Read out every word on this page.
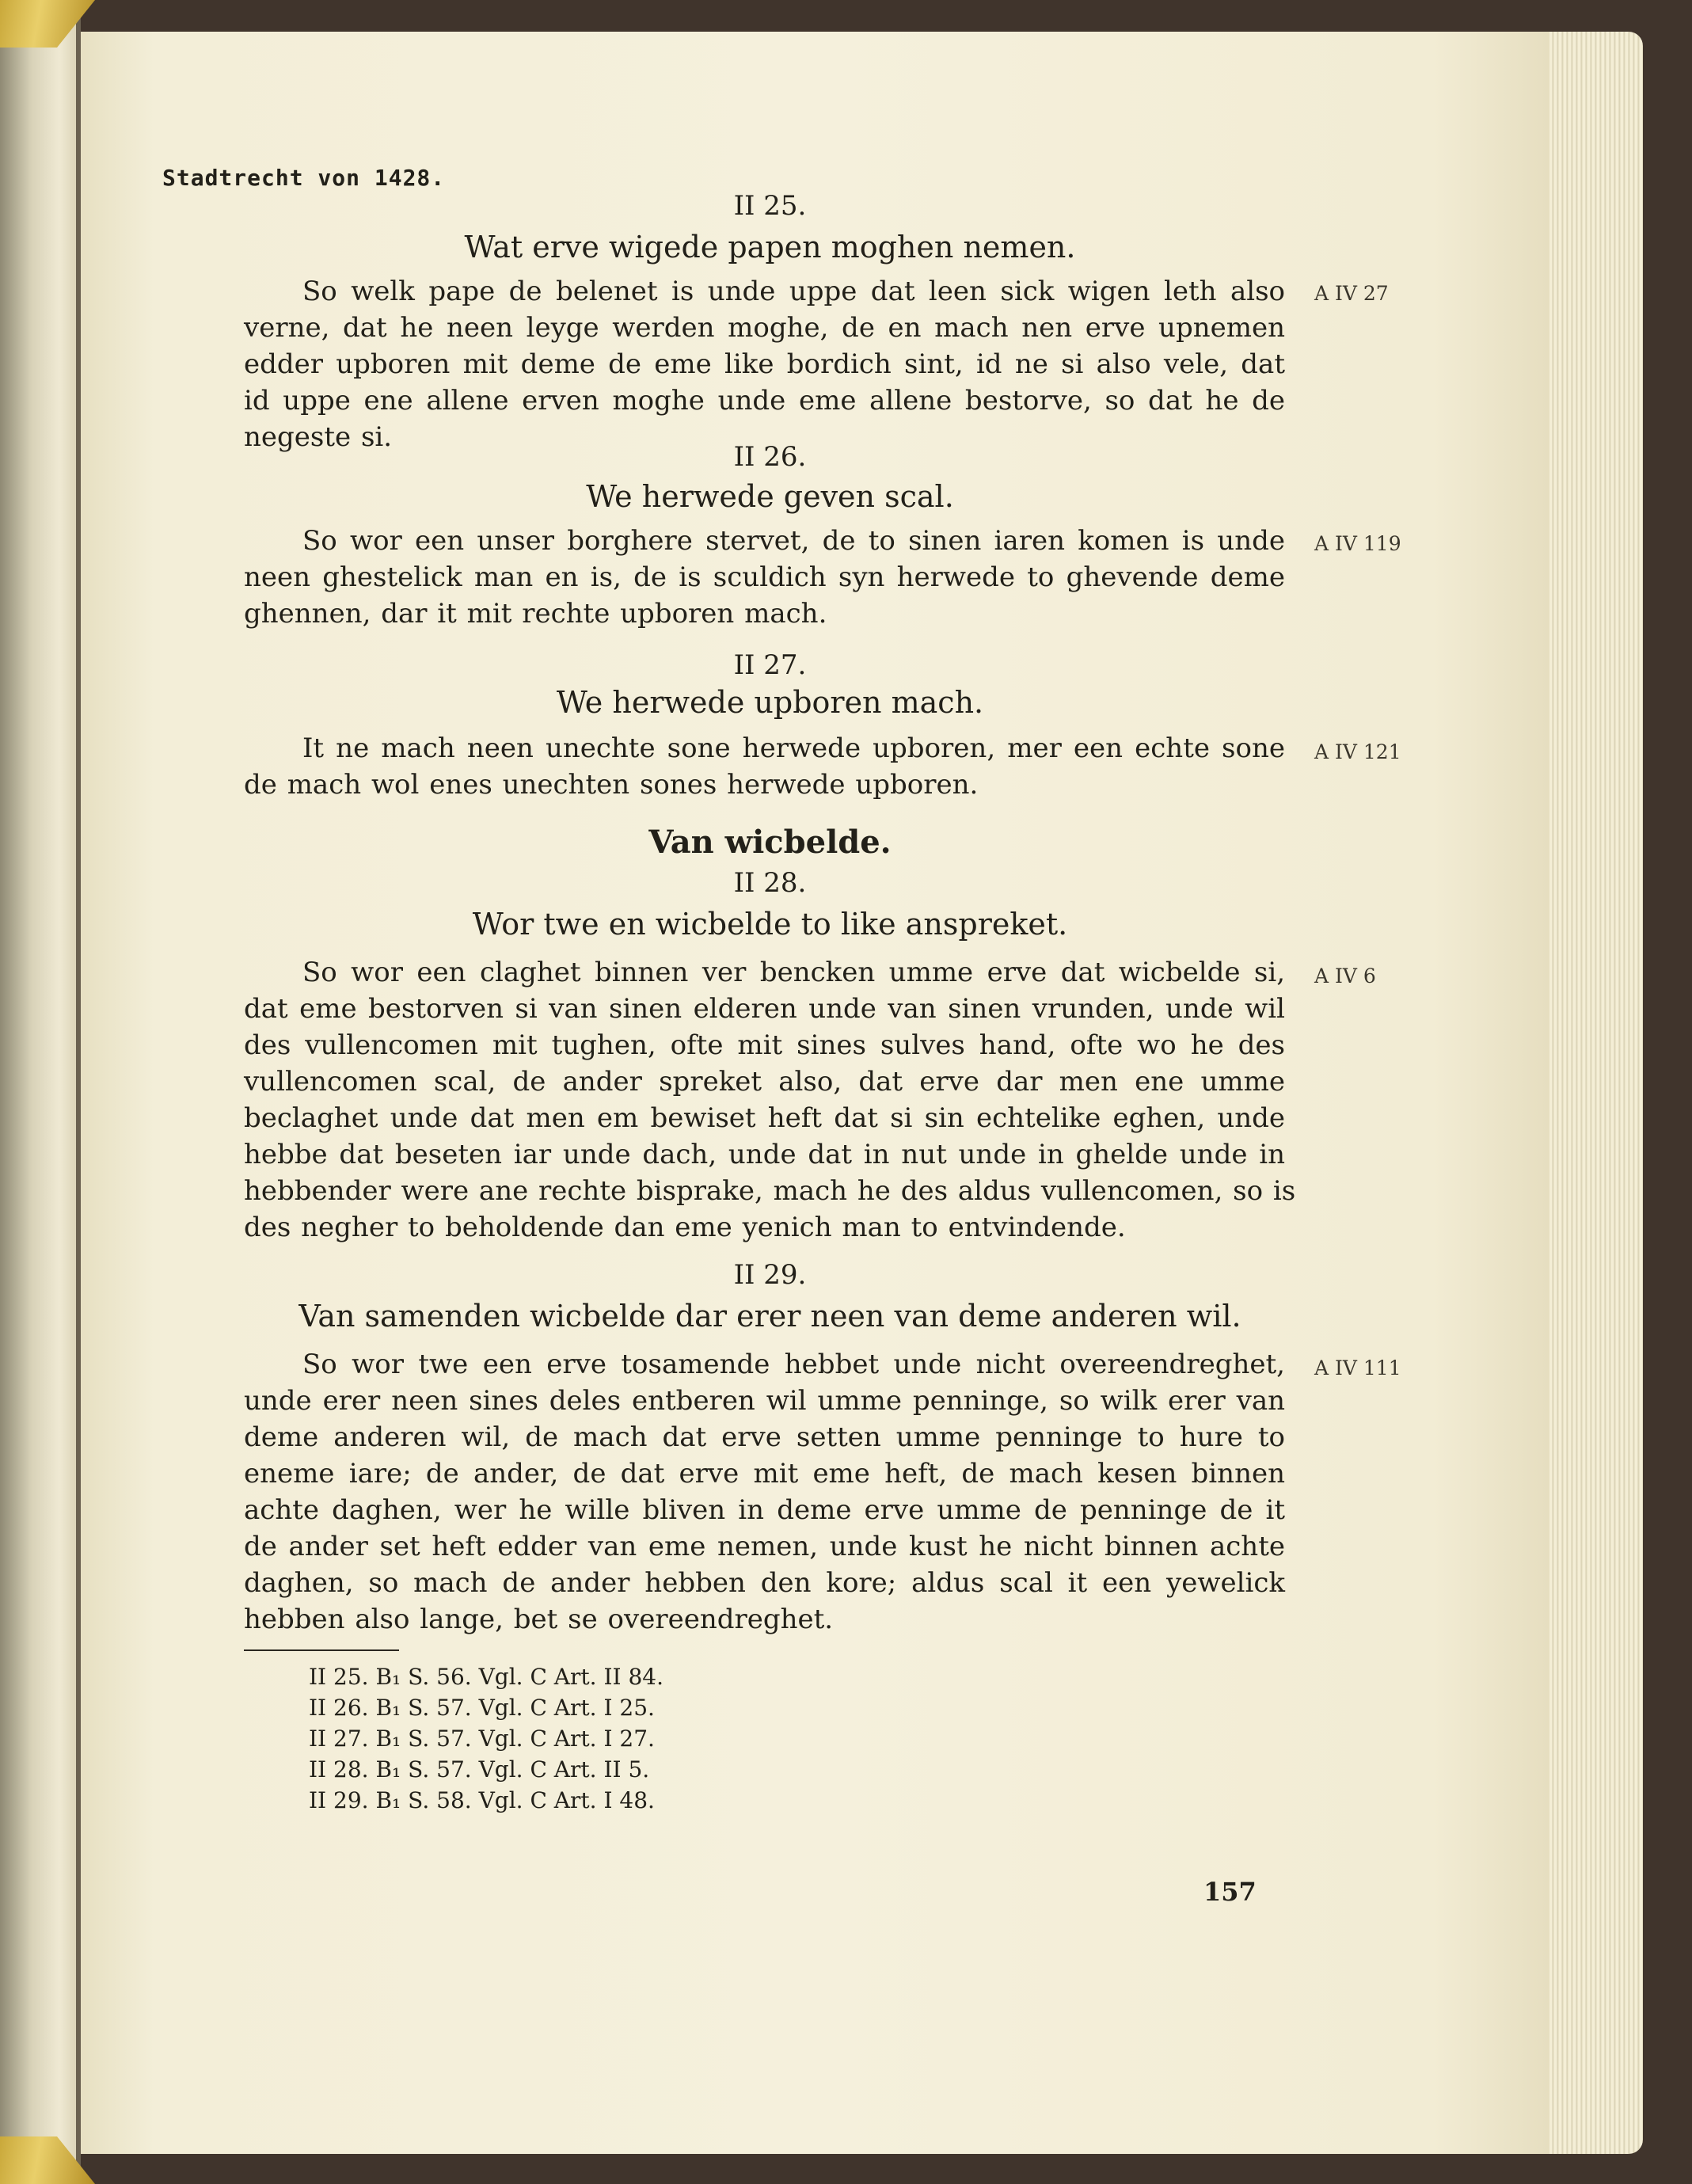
Stadtrecht von 1428.
II 25.
Wat erve wigede papen moghen nemen.
A IV 27
So welk pape de belenet is unde uppe dat leen sick wigen leth also
verne, dat he neen leyge werden moghe, de en mach nen erve upnemen
edder upboren mit deme de eme like bordich sint, id ne si also vele, dat
id uppe ene allene erven moghe unde eme allene bestorve, so dat he de
negeste si.
II 26.
We herwede geven scal.
A IV 119
So wor een unser borghere stervet, de to sinen iaren komen is unde
neen ghestelick man en is, de is sculdich syn herwede to ghevende deme
ghennen, dar it mit rechte upboren mach.
II 27.
We herwede upboren mach.
A IV 121
It ne mach neen unechte sone herwede upboren, mer een echte sone
de mach wol enes unechten sones herwede upboren.
Van wicbelde.
II 28.
Wor twe en wicbelde to like anspreket.
A IV 6
So wor een claghet binnen ver bencken umme erve dat wicbelde si,
dat eme bestorven si van sinen elderen unde van sinen vrunden, unde wil
des vullencomen mit tughen, ofte mit sines sulves hand, ofte wo he des
vullencomen scal, de ander spreket also, dat erve dar men ene umme
beclaghet unde dat men em bewiset heft dat si sin echtelike eghen, unde
hebbe dat beseten iar unde dach, unde dat in nut unde in ghelde unde in
hebbender were ane rechte bisprake, mach he des aldus vullencomen, so is
des negher to beholdende dan eme yenich man to entvindende.
II 29.
Van samenden wicbelde dar erer neen van deme anderen wil.
A IV 111
So wor twe een erve tosamende hebbet unde nicht overeendreghet,
unde erer neen sines deles entberen wil umme penninge, so wilk erer van
deme anderen wil, de mach dat erve setten umme penninge to hure to
eneme iare; de ander, de dat erve mit eme heft, de mach kesen binnen
achte daghen, wer he wille bliven in deme erve umme de penninge de it
de ander set heft edder van eme nemen, unde kust he nicht binnen achte
daghen, so mach de ander hebben den kore; aldus scal it een yewelick
hebben also lange, bet se overeendreghet.
II 25. B₁ S. 56. Vgl. C Art. II 84.
II 26. B₁ S. 57. Vgl. C Art. I 25.
II 27. B₁ S. 57. Vgl. C Art. I 27.
II 28. B₁ S. 57. Vgl. C Art. II 5.
II 29. B₁ S. 58. Vgl. C Art. I 48.
157
